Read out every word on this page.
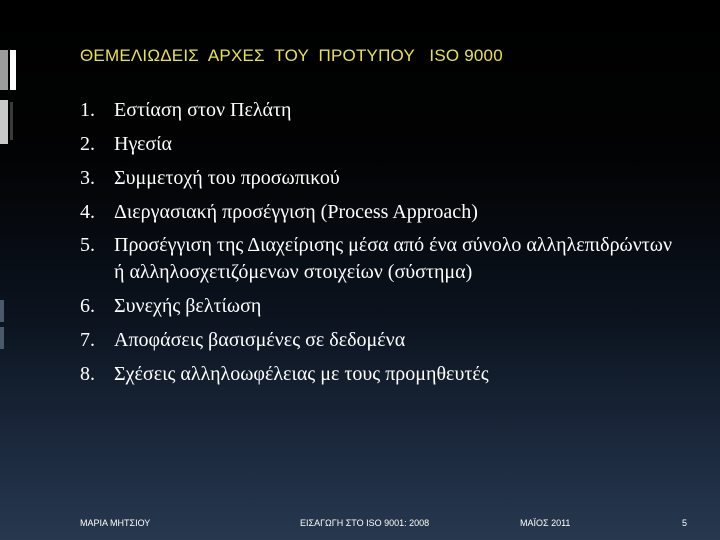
ΘΕΜΕΛΙΩΔΕΙΣ  ΑΡΧΕΣ  ΤΟΥ  ΠΡΟΤΥΠΟΥ   ISO 9000
1. Εστίαση στον Πελάτη
2. Ηγεσία
3. Συμμετοχή του προσωπικού
4. Διεργασιακή προσέγγιση (Process Approach)
5. Προσέγγιση της Διαχείρισης μέσα από ένα σύνολο αλληλεπιδρώντων ή αλληλοσχετιζόμενων στοιχείων (σύστημα)
6. Συνεχής βελτίωση
7. Αποφάσεις βασισμένες σε δεδομένα
8. Σχέσεις αλληλοωφέλειας με τους προμηθευτές
ΜΑΡΙΑ ΜΗΤΣΙΟΥ	ΕΙΣΑΓΩΓΗ ΣΤΟ ISO 9001: 2008	ΜΑΪΟΣ 2011	5
